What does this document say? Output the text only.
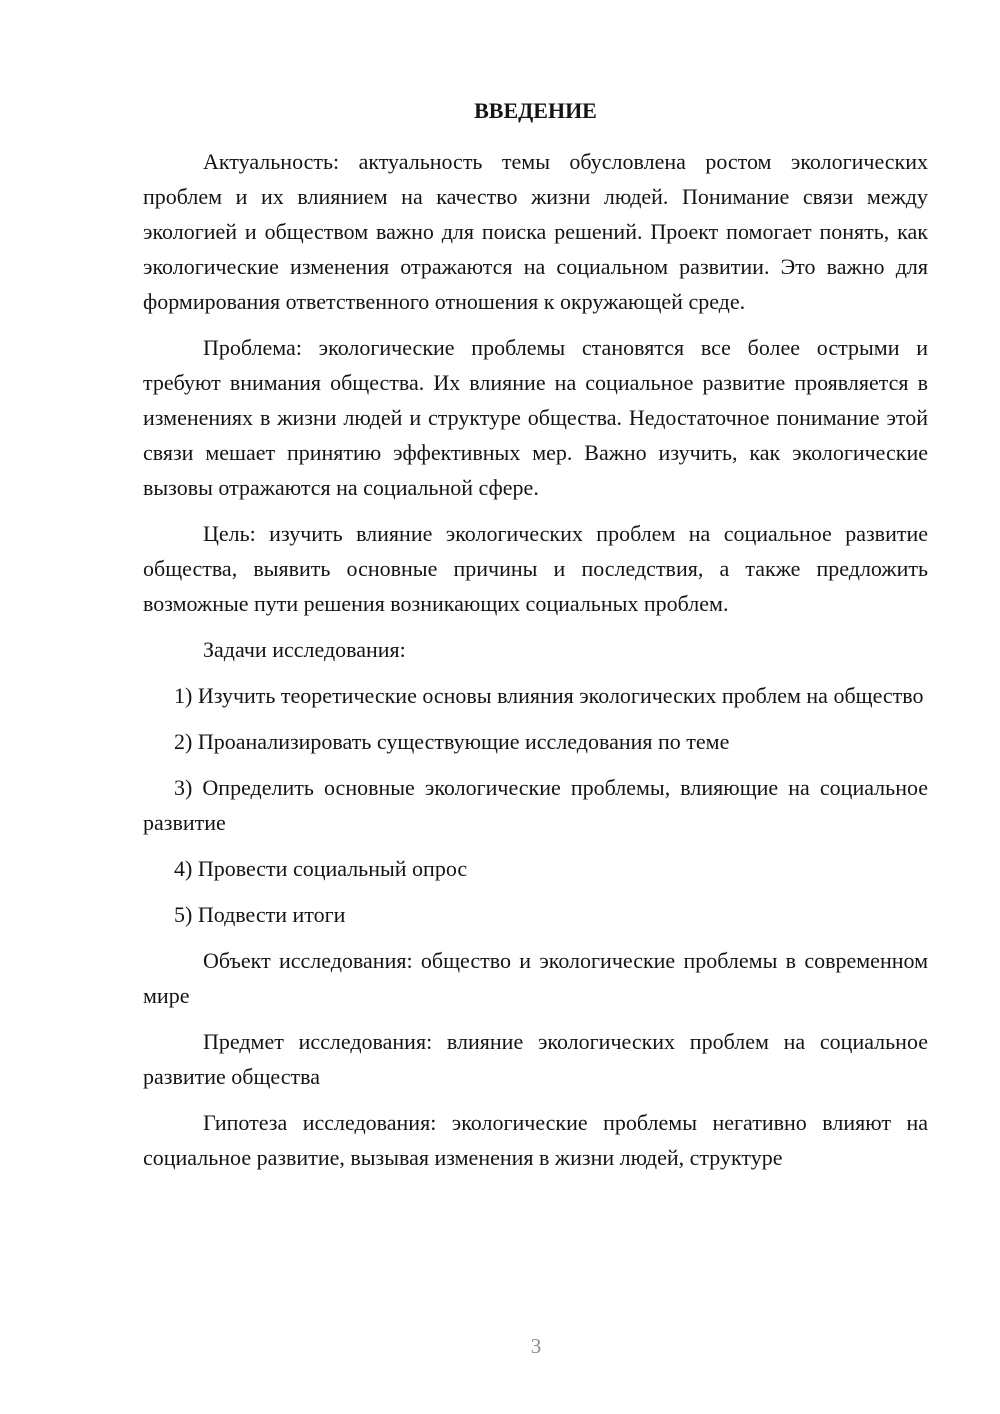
ВВЕДЕНИЕ
Актуальность: актуальность темы обусловлена ростом экологических проблем и их влиянием на качество жизни людей. Понимание связи между экологией и обществом важно для поиска решений. Проект помогает понять, как экологические изменения отражаются на социальном развитии. Это важно для формирования ответственного отношения к окружающей среде.
Проблема: экологические проблемы становятся все более острыми и требуют внимания общества. Их влияние на социальное развитие проявляется в изменениях в жизни людей и структуре общества. Недостаточное понимание этой связи мешает принятию эффективных мер. Важно изучить, как экологические вызовы отражаются на социальной сфере.
Цель: изучить влияние экологических проблем на социальное развитие общества, выявить основные причины и последствия, а также предложить возможные пути решения возникающих социальных проблем.
Задачи исследования:
1) Изучить теоретические основы влияния экологических проблем на общество
2) Проанализировать существующие исследования по теме
3) Определить основные экологические проблемы, влияющие на социальное развитие
4) Провести социальный опрос
5) Подвести итоги
Объект исследования: общество и экологические проблемы в современном мире
Предмет исследования: влияние экологических проблем на социальное развитие общества
Гипотеза исследования: экологические проблемы негативно влияют на социальное развитие, вызывая изменения в жизни людей, структуре
3
